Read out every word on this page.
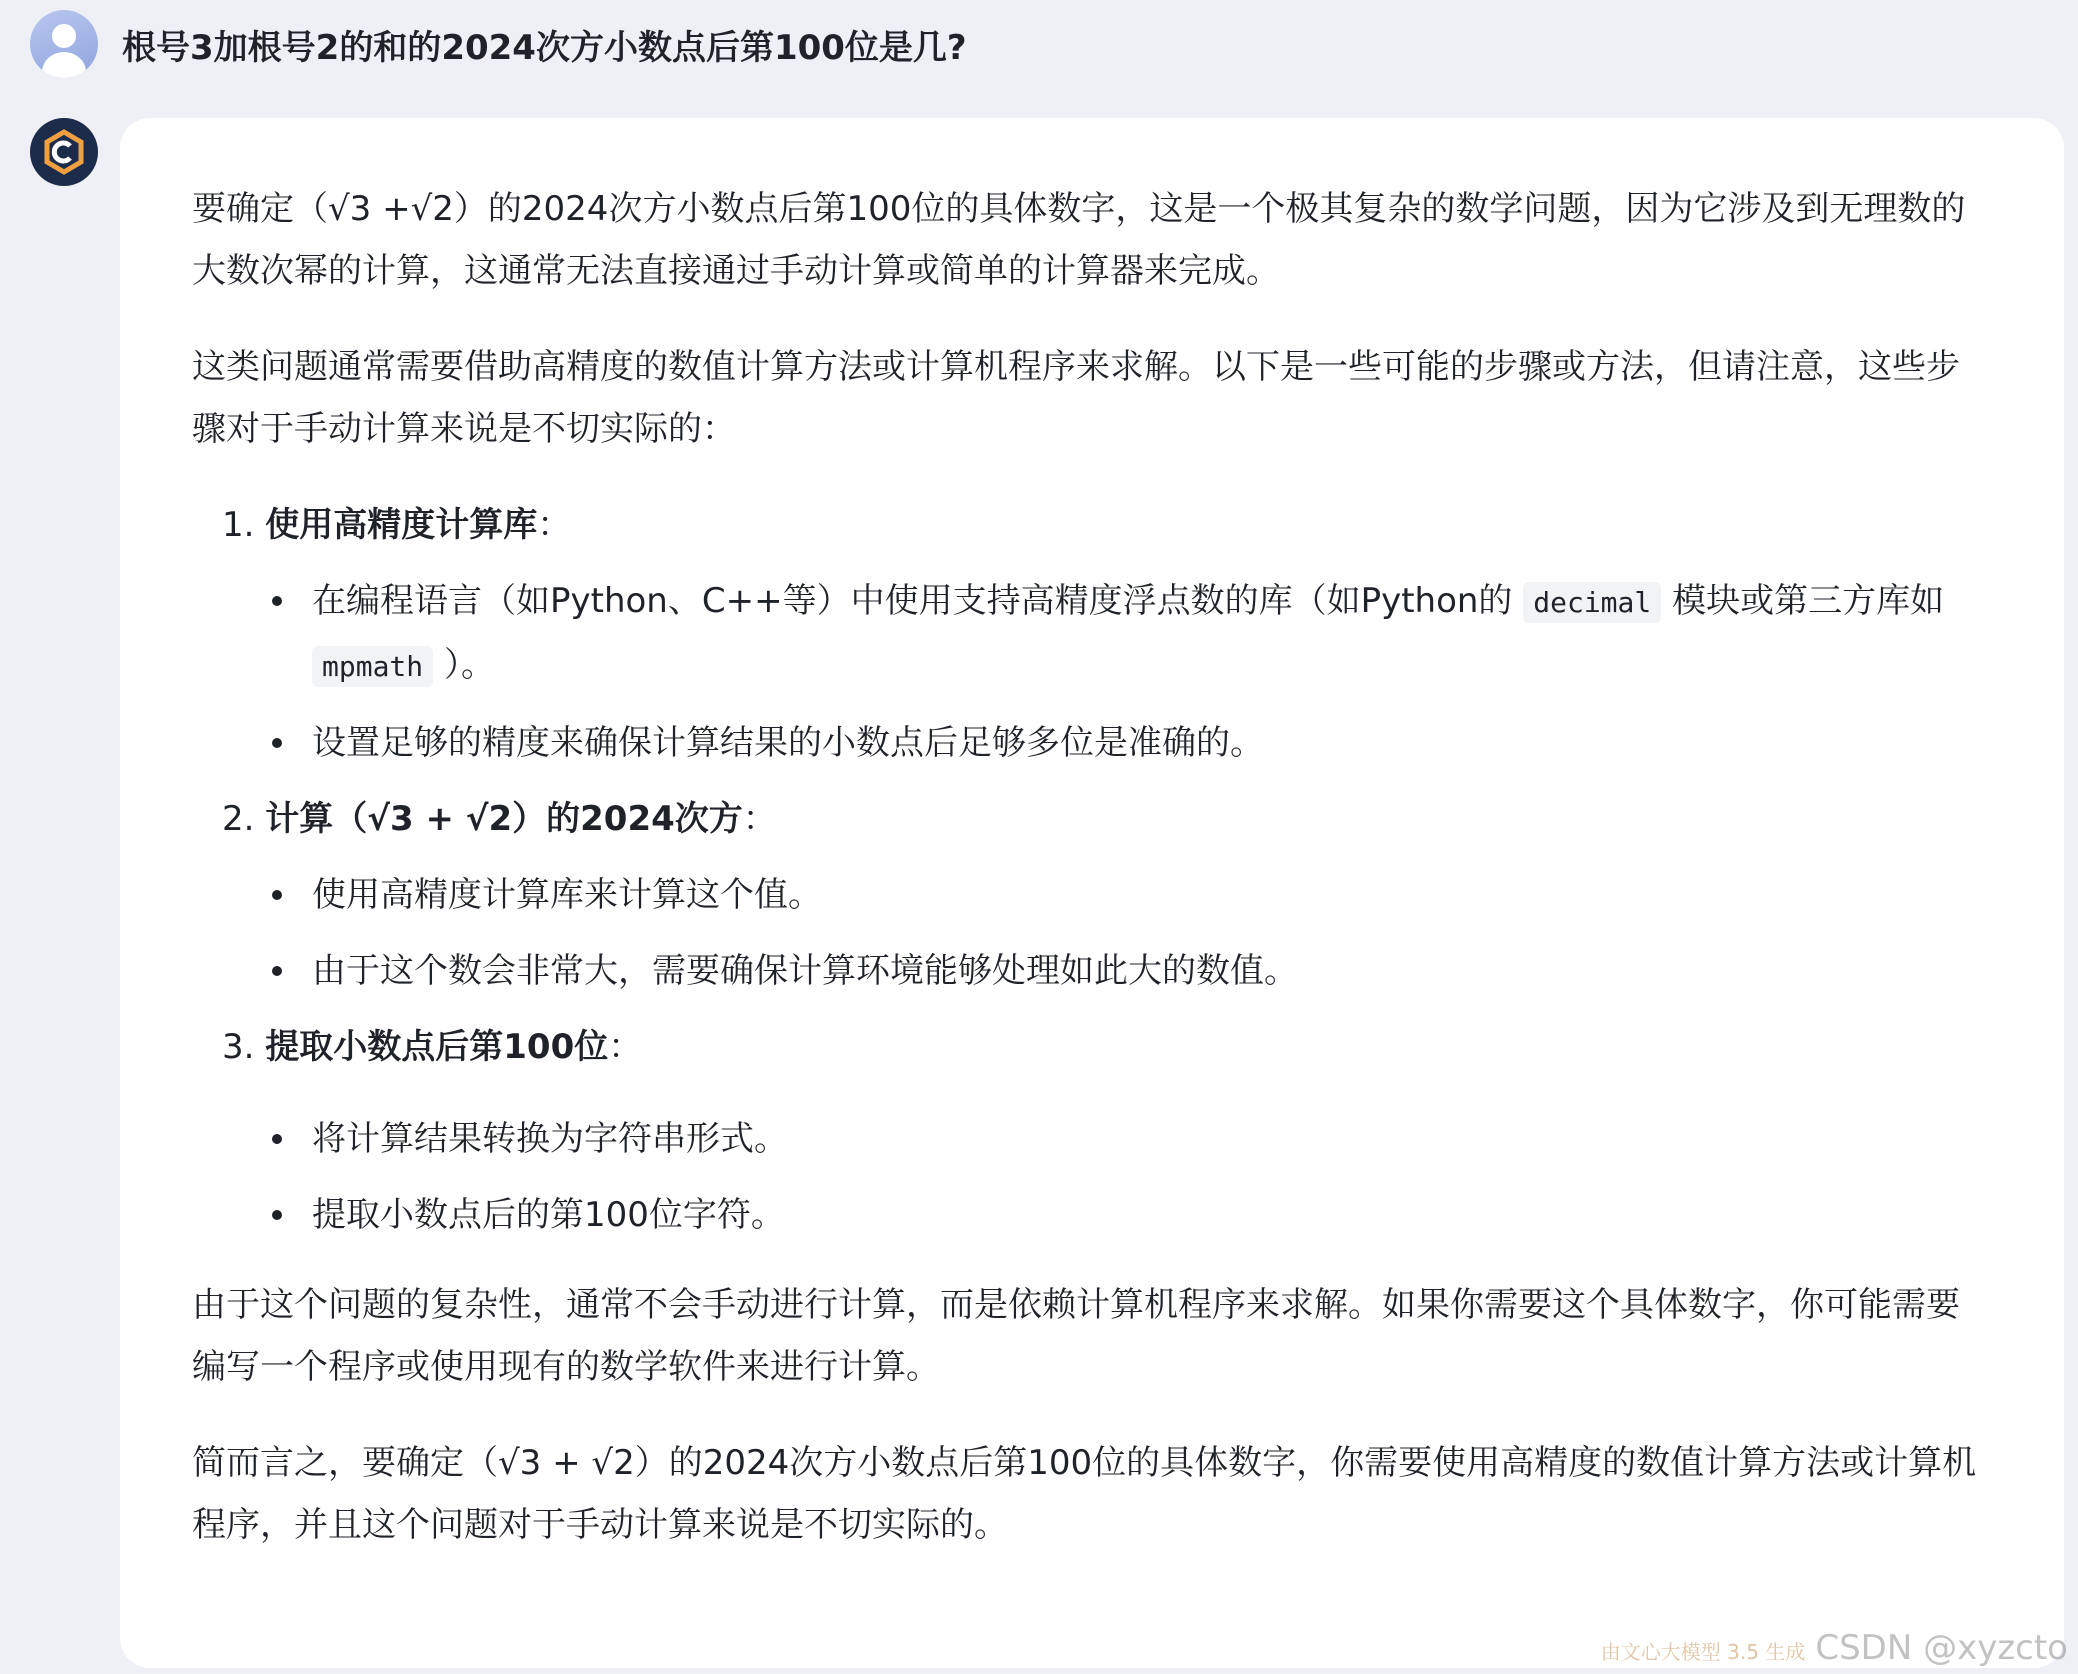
根号3加根号2的和的2024次方小数点后第100位是几?

要确定（√3 +√2）的2024次方小数点后第100位的具体数字，这是一个极其复杂的数学问题，因为它涉及到无理数的大数次幂的计算，这通常无法直接通过手动计算或简单的计算器来完成。

这类问题通常需要借助高精度的数值计算方法或计算机程序来求解。以下是一些可能的步骤或方法，但请注意，这些步骤对于手动计算来说是不切实际的：

1. 使用高精度计算库：
在编程语言（如Python、C++等）中使用支持高精度浮点数的库（如Python的 decimal 模块或第三方库如 mpmath ）。
设置足够的精度来确保计算结果的小数点后足够多位是准确的。
2. 计算（√3 + √2）的2024次方：
使用高精度计算库来计算这个值。
由于这个数会非常大，需要确保计算环境能够处理如此大的数值。
3. 提取小数点后第100位：
将计算结果转换为字符串形式。
提取小数点后的第100位字符。

由于这个问题的复杂性，通常不会手动进行计算，而是依赖计算机程序来求解。如果你需要这个具体数字，你可能需要编写一个程序或使用现有的数学软件来进行计算。

简而言之，要确定（√3 + √2）的2024次方小数点后第100位的具体数字，你需要使用高精度的数值计算方法或计算机程序，并且这个问题对于手动计算来说是不切实际的。

由文心大模型 3.5 生成 CSDN @xyzcto
